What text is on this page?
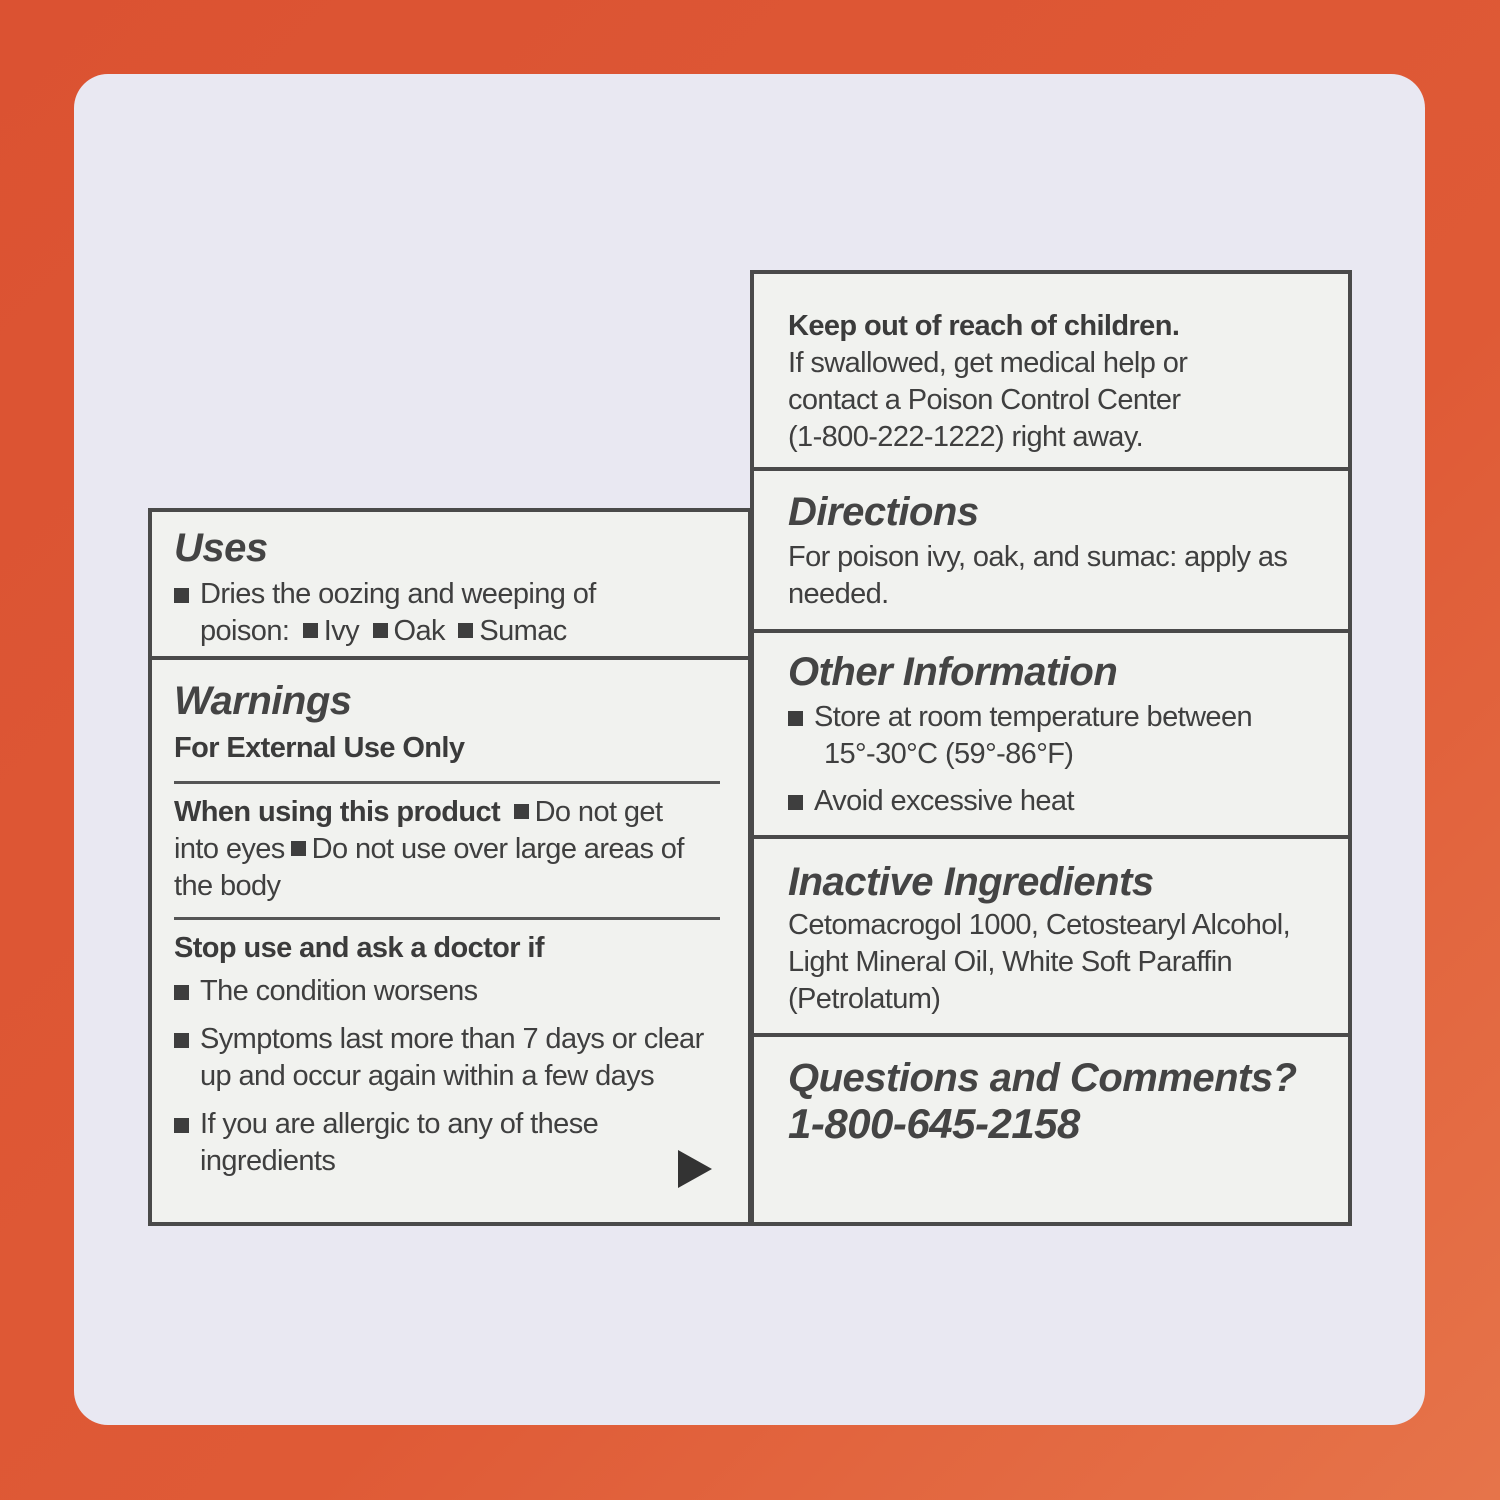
Uses
Dries the oozing and weeping of
poison: Ivy Oak Sumac
Warnings
For External Use Only
When using this product Do not get
into eyes Do not use over large areas of
the body
Stop use and ask a doctor if
The condition worsens
Symptoms last more than 7 days or clear
up and occur again within a few days
If you are allergic to any of these
ingredients
Keep out of reach of children.
If swallowed, get medical help or
contact a Poison Control Center
(1-800-222-1222) right away.
Directions
For poison ivy, oak, and sumac: apply as
needed.
Other Information
Store at room temperature between
15°-30°C (59°-86°F)
Avoid excessive heat
Inactive Ingredients
Cetomacrogol 1000, Cetostearyl Alcohol,
Light Mineral Oil, White Soft Paraffin
(Petrolatum)
Questions and Comments?
1-800-645-2158
